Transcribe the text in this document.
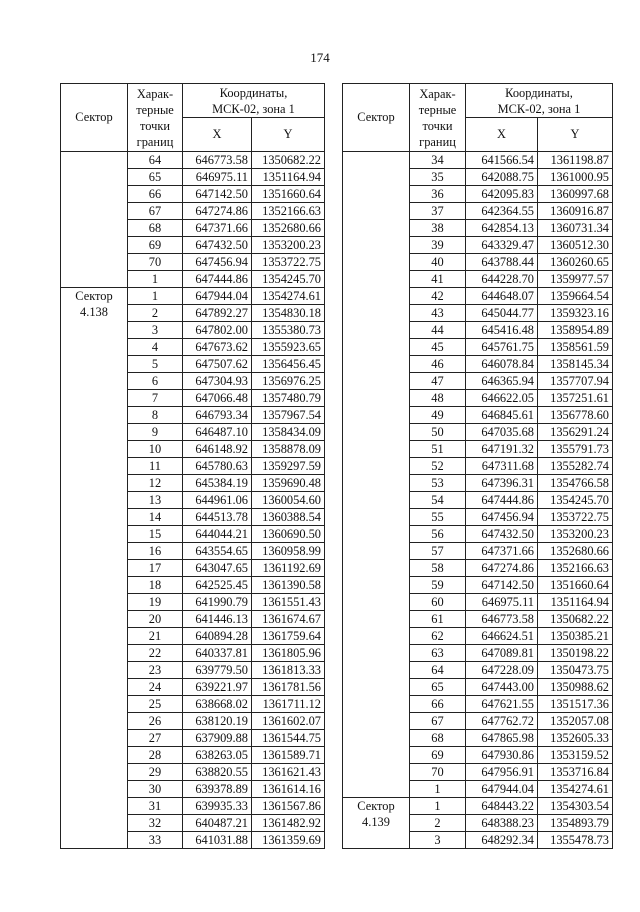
174
Сектор	Харак-
терные
точки
границ	Координаты,
МСК-02, зона 1	

		X	Y

	64	646773.58	1350682.22
	65	646975.11	1351164.94
	66	647142.50	1351660.64
	67	647274.86	1352166.63
	68	647371.66	1352680.66
	69	647432.50	1353200.23
	70	647456.94	1353722.75
	1	647444.86	1354245.70

Сектор
4.138	1	647944.04	1354274.61
	2	647892.27	1354830.18
	3	647802.00	1355380.73
	4	647673.62	1355923.65
	5	647507.62	1356456.45
	6	647304.93	1356976.25
	7	647066.48	1357480.79
	8	646793.34	1357967.54
	9	646487.10	1358434.09
	10	646148.92	1358878.09
	11	645780.63	1359297.59
	12	645384.19	1359690.48
	13	644961.06	1360054.60
	14	644513.78	1360388.54
	15	644044.21	1360690.50
	16	643554.65	1360958.99
	17	643047.65	1361192.69
	18	642525.45	1361390.58
	19	641990.79	1361551.43
	20	641446.13	1361674.67
	21	640894.28	1361759.64
	22	640337.81	1361805.96
	23	639779.50	1361813.33
	24	639221.97	1361781.56
	25	638668.02	1361711.12
	26	638120.19	1361602.07
	27	637909.88	1361544.75
	28	638263.05	1361589.71
	29	638820.55	1361621.43
	30	639378.89	1361614.16
	31	639935.33	1361567.86
	32	640487.21	1361482.92
	33	641031.88	1361359.69
Сектор	Харак-
терные
точки
границ	Координаты,
МСК-02, зона 1	

		X	Y

	34	641566.54	1361198.87
	35	642088.75	1361000.95
	36	642095.83	1360997.68
	37	642364.55	1360916.87
	38	642854.13	1360731.34
	39	643329.47	1360512.30
	40	643788.44	1360260.65
	41	644228.70	1359977.57
	42	644648.07	1359664.54
	43	645044.77	1359323.16
	44	645416.48	1358954.89
	45	645761.75	1358561.59
	46	646078.84	1358145.34
	47	646365.94	1357707.94
	48	646622.05	1357251.61
	49	646845.61	1356778.60
	50	647035.68	1356291.24
	51	647191.32	1355791.73
	52	647311.68	1355282.74
	53	647396.31	1354766.58
	54	647444.86	1354245.70
	55	647456.94	1353722.75
	56	647432.50	1353200.23
	57	647371.66	1352680.66
	58	647274.86	1352166.63
	59	647142.50	1351660.64
	60	646975.11	1351164.94
	61	646773.58	1350682.22
	62	646624.51	1350385.21
	63	647089.81	1350198.22
	64	647228.09	1350473.75
	65	647443.00	1350988.62
	66	647621.55	1351517.36
	67	647762.72	1352057.08
	68	647865.98	1352605.33
	69	647930.86	1353159.52
	70	647956.91	1353716.84
	1	647944.04	1354274.61

Сектор
4.139	1	648443.22	1354303.54
	2	648388.23	1354893.79
	3	648292.34	1355478.73
